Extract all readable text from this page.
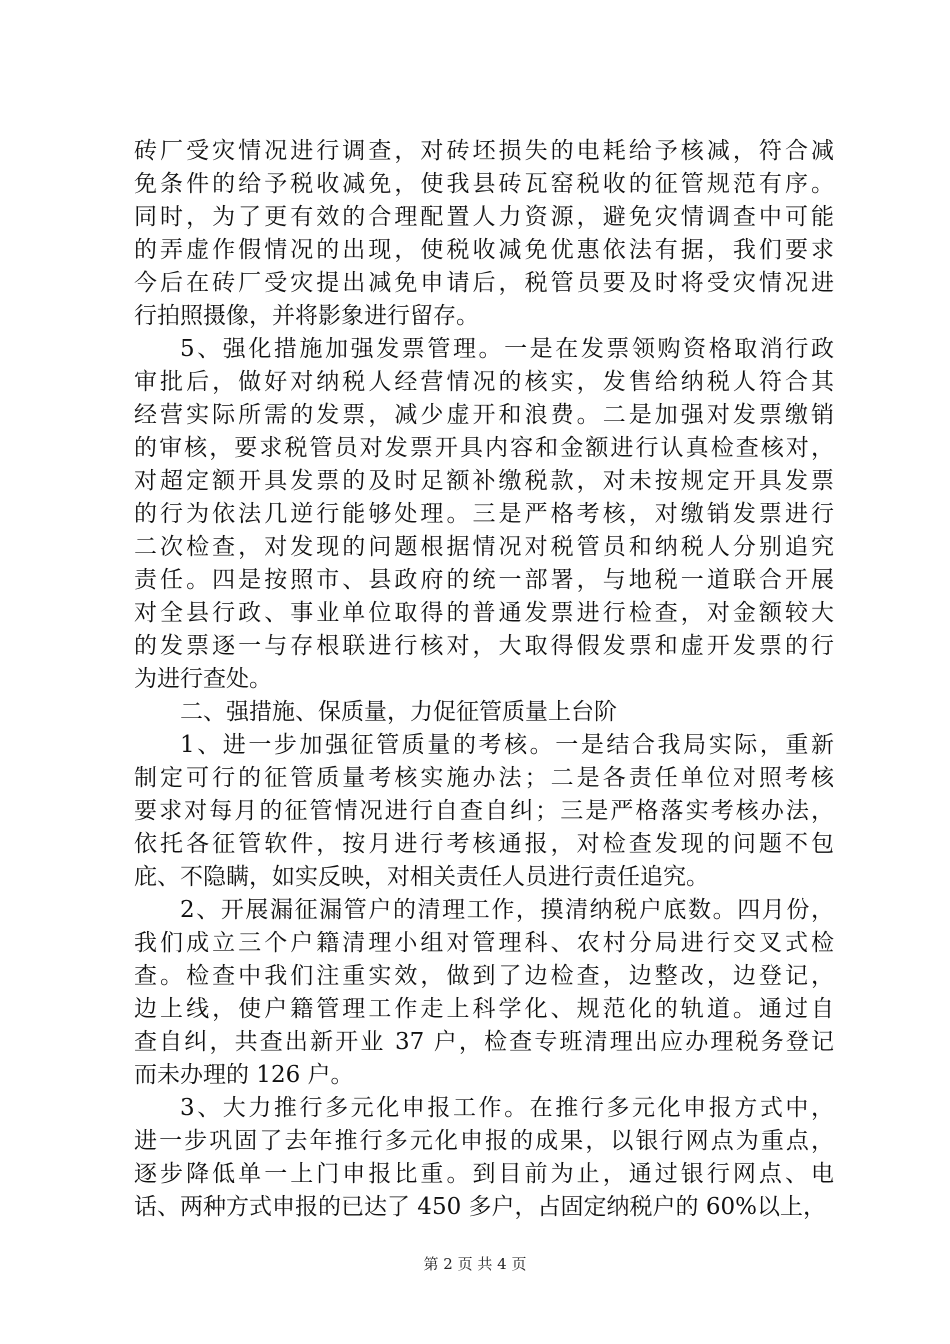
砖厂受灾情况进行调查，对砖坯损失的电耗给予核减，符合减
免条件的给予税收减免，使我县砖瓦窑税收的征管规范有序。
同时，为了更有效的合理配置人力资源，避免灾情调查中可能
的弄虚作假情况的出现，使税收减免优惠依法有据，我们要求
今后在砖厂受灾提出减免申请后，税管员要及时将受灾情况进
行拍照摄像，并将影象进行留存。
5、强化措施加强发票管理。一是在发票领购资格取消行政
审批后，做好对纳税人经营情况的核实，发售给纳税人符合其
经营实际所需的发票，减少虚开和浪费。二是加强对发票缴销
的审核，要求税管员对发票开具内容和金额进行认真检查核对，
对超定额开具发票的及时足额补缴税款，对未按规定开具发票
的行为依法几逆行能够处理。三是严格考核，对缴销发票进行
二次检查，对发现的问题根据情况对税管员和纳税人分别追究
责任。四是按照市、县政府的统一部署，与地税一道联合开展
对全县行政、事业单位取得的普通发票进行检查，对金额较大
的发票逐一与存根联进行核对，大取得假发票和虚开发票的行
为进行查处。
二、强措施、保质量，力促征管质量上台阶
1、进一步加强征管质量的考核。一是结合我局实际，重新
制定可行的征管质量考核实施办法；二是各责任单位对照考核
要求对每月的征管情况进行自查自纠；三是严格落实考核办法，
依托各征管软件，按月进行考核通报，对检查发现的问题不包
庇、不隐瞒，如实反映，对相关责任人员进行责任追究。
2、开展漏征漏管户的清理工作，摸清纳税户底数。四月份，
我们成立三个户籍清理小组对管理科、农村分局进行交叉式检
查。检查中我们注重实效，做到了边检查，边整改，边登记，
边上线，使户籍管理工作走上科学化、规范化的轨道。通过自
查自纠，共查出新开业 37 户，检查专班清理出应办理税务登记
而未办理的 126 户。
3、大力推行多元化申报工作。在推行多元化申报方式中，
进一步巩固了去年推行多元化申报的成果，以银行网点为重点，
逐步降低单一上门申报比重。到目前为止，通过银行网点、电
话、两种方式申报的已达了 450 多户，占固定纳税户的 60%以上，
第 2 页 共 4 页
